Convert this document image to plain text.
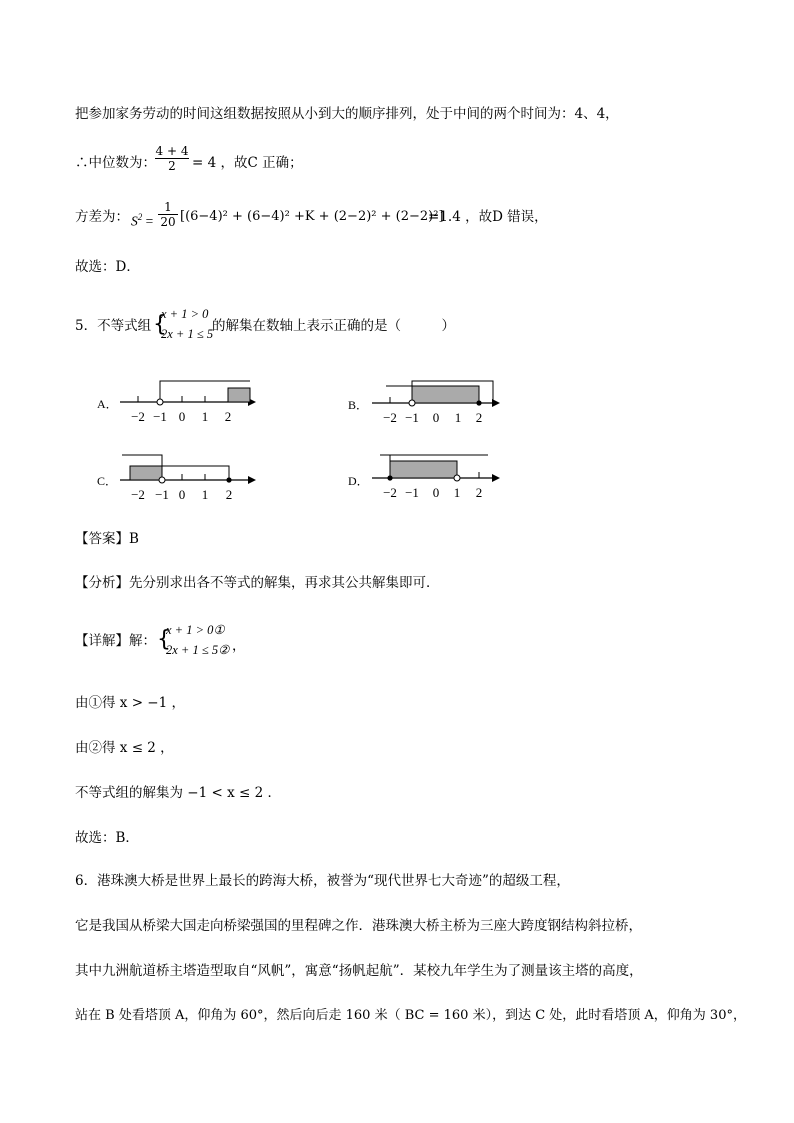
把参加家务劳动的时间这组数据按照从小到大的顺序排列，处于中间的两个时间为：4、4，
∴中位数为： $\frac{4 + 4}{2} = 4$ ，故C 正确；
方差为： $S^2 = \frac{1}{20} [(6-4)^2 + (6-4)^2 +K + (2-2)^2 + (2-2)^2]$
=1.4 ，故D 错误，
故选：D．
5．不等式组 {
x + 1 > 0
2x + 1 ≤ 5
的解集在数轴上表示正确的是（　　　）
A．	B．
C．	D．
−2 −1 0	1	2	−2 −1	0	1	2
−2 −1 0	1	2	−2 −1	0	1	2
【答案】B
【分析】先分别求出各不等式的解集，再求其公共解集即可．
【详解】解： {
x + 1 > 0①
2x + 1 ≤ 5② ，
由①得 x > −1 ，
由②得 x ≤ 2 ，
不等式组的解集为 −1 < x ≤ 2 ．
故选：B．
6．港珠澳大桥是世界上最长的跨海大桥，被誉为“现代世界七大奇迹”的超级工程，
它是我国从桥梁大国走向桥梁强国的里程碑之作．港珠澳大桥主桥为三座大跨度钢结构斜拉桥，
其中九洲航道桥主塔造型取自“风帆”，寓意“扬帆起航”．某校九年学生为了测量该主塔的高度，
站在 B 处看塔顶 A，仰角为 60°，然后向后走 160 米（ BC = 160 米），到达 C 处，此时看塔顶 A，仰角为 30°，
